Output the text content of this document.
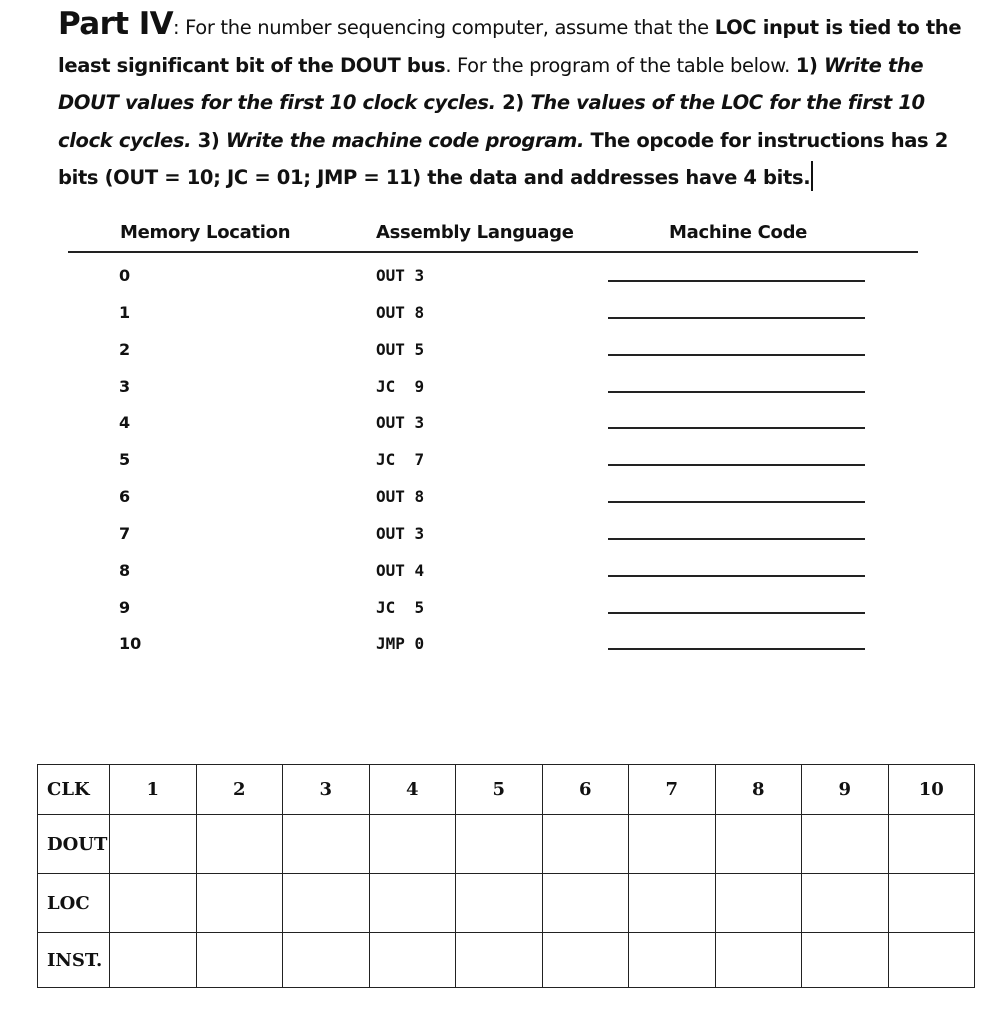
Part IV: For the number sequencing computer, assume that the LOC input is tied to the least significant bit of the DOUT bus. For the program of the table below. 1) Write the DOUT values for the first 10 clock cycles. 2) The values of the LOC for the first 10 clock cycles. 3) Write the machine code program. The opcode for instructions has 2 bits (OUT = 10; JC = 01; JMP = 11) the data and addresses have 4 bits.
Memory Location	Assembly Language	Machine Code
0	OUT 3
1	OUT 8
2	OUT 5
3	JC  9
4	OUT 3
5	JC  7
6	OUT 8
7	OUT 3
8	OUT 4
9	JC  5
10	JMP 0
CLK	1	2	3	4	5	6	7	8	9	10
DOUT										
LOC										
INST.										
